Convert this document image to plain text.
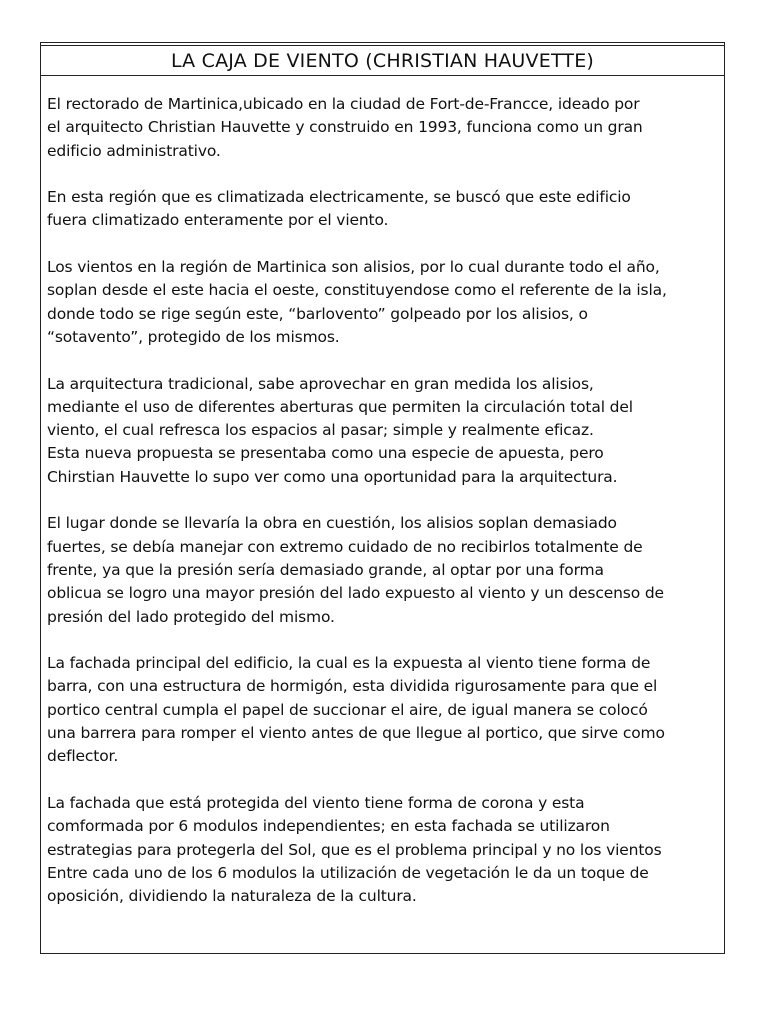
LA CAJA DE VIENTO (CHRISTIAN HAUVETTE)

El rectorado de Martinica,ubicado en la ciudad de Fort-de-Francce, ideado por
el arquitecto Christian Hauvette y construido en 1993, funciona como un gran
edificio administrativo.

En esta región que es climatizada electricamente, se buscó que este edificio
fuera climatizado enteramente por el viento.

Los vientos en la región de Martinica son alisios, por lo cual durante todo el año,
soplan desde el este hacia el oeste, constituyendose como el referente de la isla,
donde todo se rige según este, “barlovento” golpeado por los alisios, o
“sotavento”, protegido de los mismos.

La arquitectura tradicional, sabe aprovechar en gran medida los alisios,
mediante el uso de diferentes aberturas que permiten la circulación total del
viento, el cual refresca los espacios al pasar; simple y realmente eficaz.
Esta nueva propuesta se presentaba como una especie de apuesta, pero
Chirstian Hauvette lo supo ver como una oportunidad para la arquitectura.

El lugar donde se llevaría la obra en cuestión, los alisios soplan demasiado
fuertes, se debía manejar con extremo cuidado de no recibirlos totalmente de
frente, ya que la presión sería demasiado grande, al optar por una forma
oblicua se logro una mayor presión del lado expuesto al viento y un descenso de
presión del lado protegido del mismo.

La fachada principal del edificio, la cual es la expuesta al viento tiene forma de
barra, con una estructura de hormigón, esta dividida rigurosamente para que el
portico central cumpla el papel de succionar el aire, de igual manera se colocó
una barrera para romper el viento antes de que llegue al portico, que sirve como
deflector.

La fachada que está protegida del viento tiene forma de corona y esta
comformada por 6 modulos independientes; en esta fachada se utilizaron
estrategias para protegerla del Sol, que es el problema principal y no los vientos
Entre cada uno de los 6 modulos la utilización de vegetación le da un toque de
oposición, dividiendo la naturaleza de la cultura.
